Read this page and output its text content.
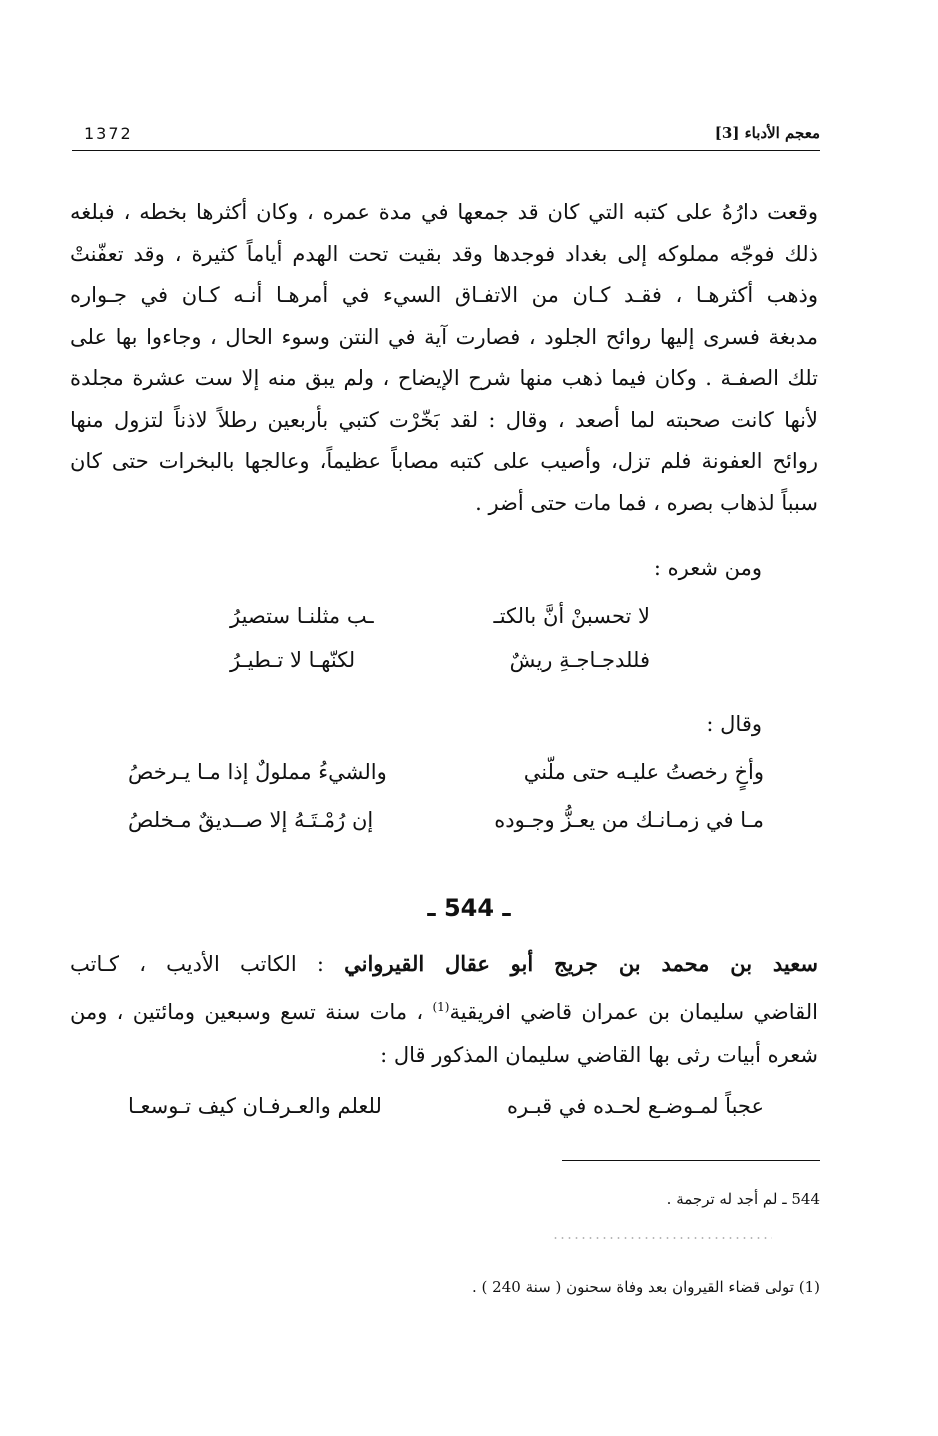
معجم الأدباء [3]
1372
وقعت دارُهُ على كتبه التي كان قد جمعها في مدة عمره ، وكان أكثرها بخطه ، فبلغه
ذلك فوجّه مملوكه إلى بغداد فوجدها وقد بقيت تحت الهدم أياماً كثيرة ، وقد تعفّنتْ
وذهب أكثرهـا ، فقـد كـان من الاتفـاق السيء في أمرهـا أنـه كـان في جـواره
مدبغة فسرى إليها روائح الجلود ، فصارت آية في النتن وسوء الحال ، وجاءوا بها على
تلك الصفـة . وكان فيما ذهب منها شرح الإيضاح ، ولم يبق منه إلا ست عشرة مجلدة
لأنها كانت صحبته لما أصعد ، وقال : لقد بَخّرْت كتبي بأربعين رطلاً لاذناً لتزول منها
روائح العفونة فلم تزل، وأصيب على كتبه مصاباً عظيماً، وعالجها بالبخرات حتى كان
سبباً لذهاب بصره ، فما مات حتى أضر .
ومن شعره :
لا تحسبنْ أنَّ بالكتـ
ـب مثلنـا ستصيرُ
فللدجـاجـةِ ريشٌ
لكنّهـا لا تـطيـرُ
وقال :
وأخٍ رخصتُ عليـه حتى ملّني
والشيءُ مملولٌ إذا مـا يـرخصُ
مـا في زمـانـك من يعـزُّ وجـوده
إن رُمْـتَـهُ إلا صــديقٌ مـخلصُ
ـ 544 ـ
سعيد بن محمد بن جريج أبو عقال القيرواني : الكاتب الأديب ، كـاتب
القاضي سليمان بن عمران قاضي افريقية$^{(1)}$ ، مات سنة تسع وسبعين ومائتين ، ومن
شعره أبيات رثى بها القاضي سليمان المذكور قال :
عجباً لمـوضـع لحـده في قبـره
للعلم والعـرفـان كيف تـوسعـا
544 ـ لم أجد له ترجمة .
(1) تولى قضاء القيروان بعد وفاة سحنون ( سنة 240 ) .
